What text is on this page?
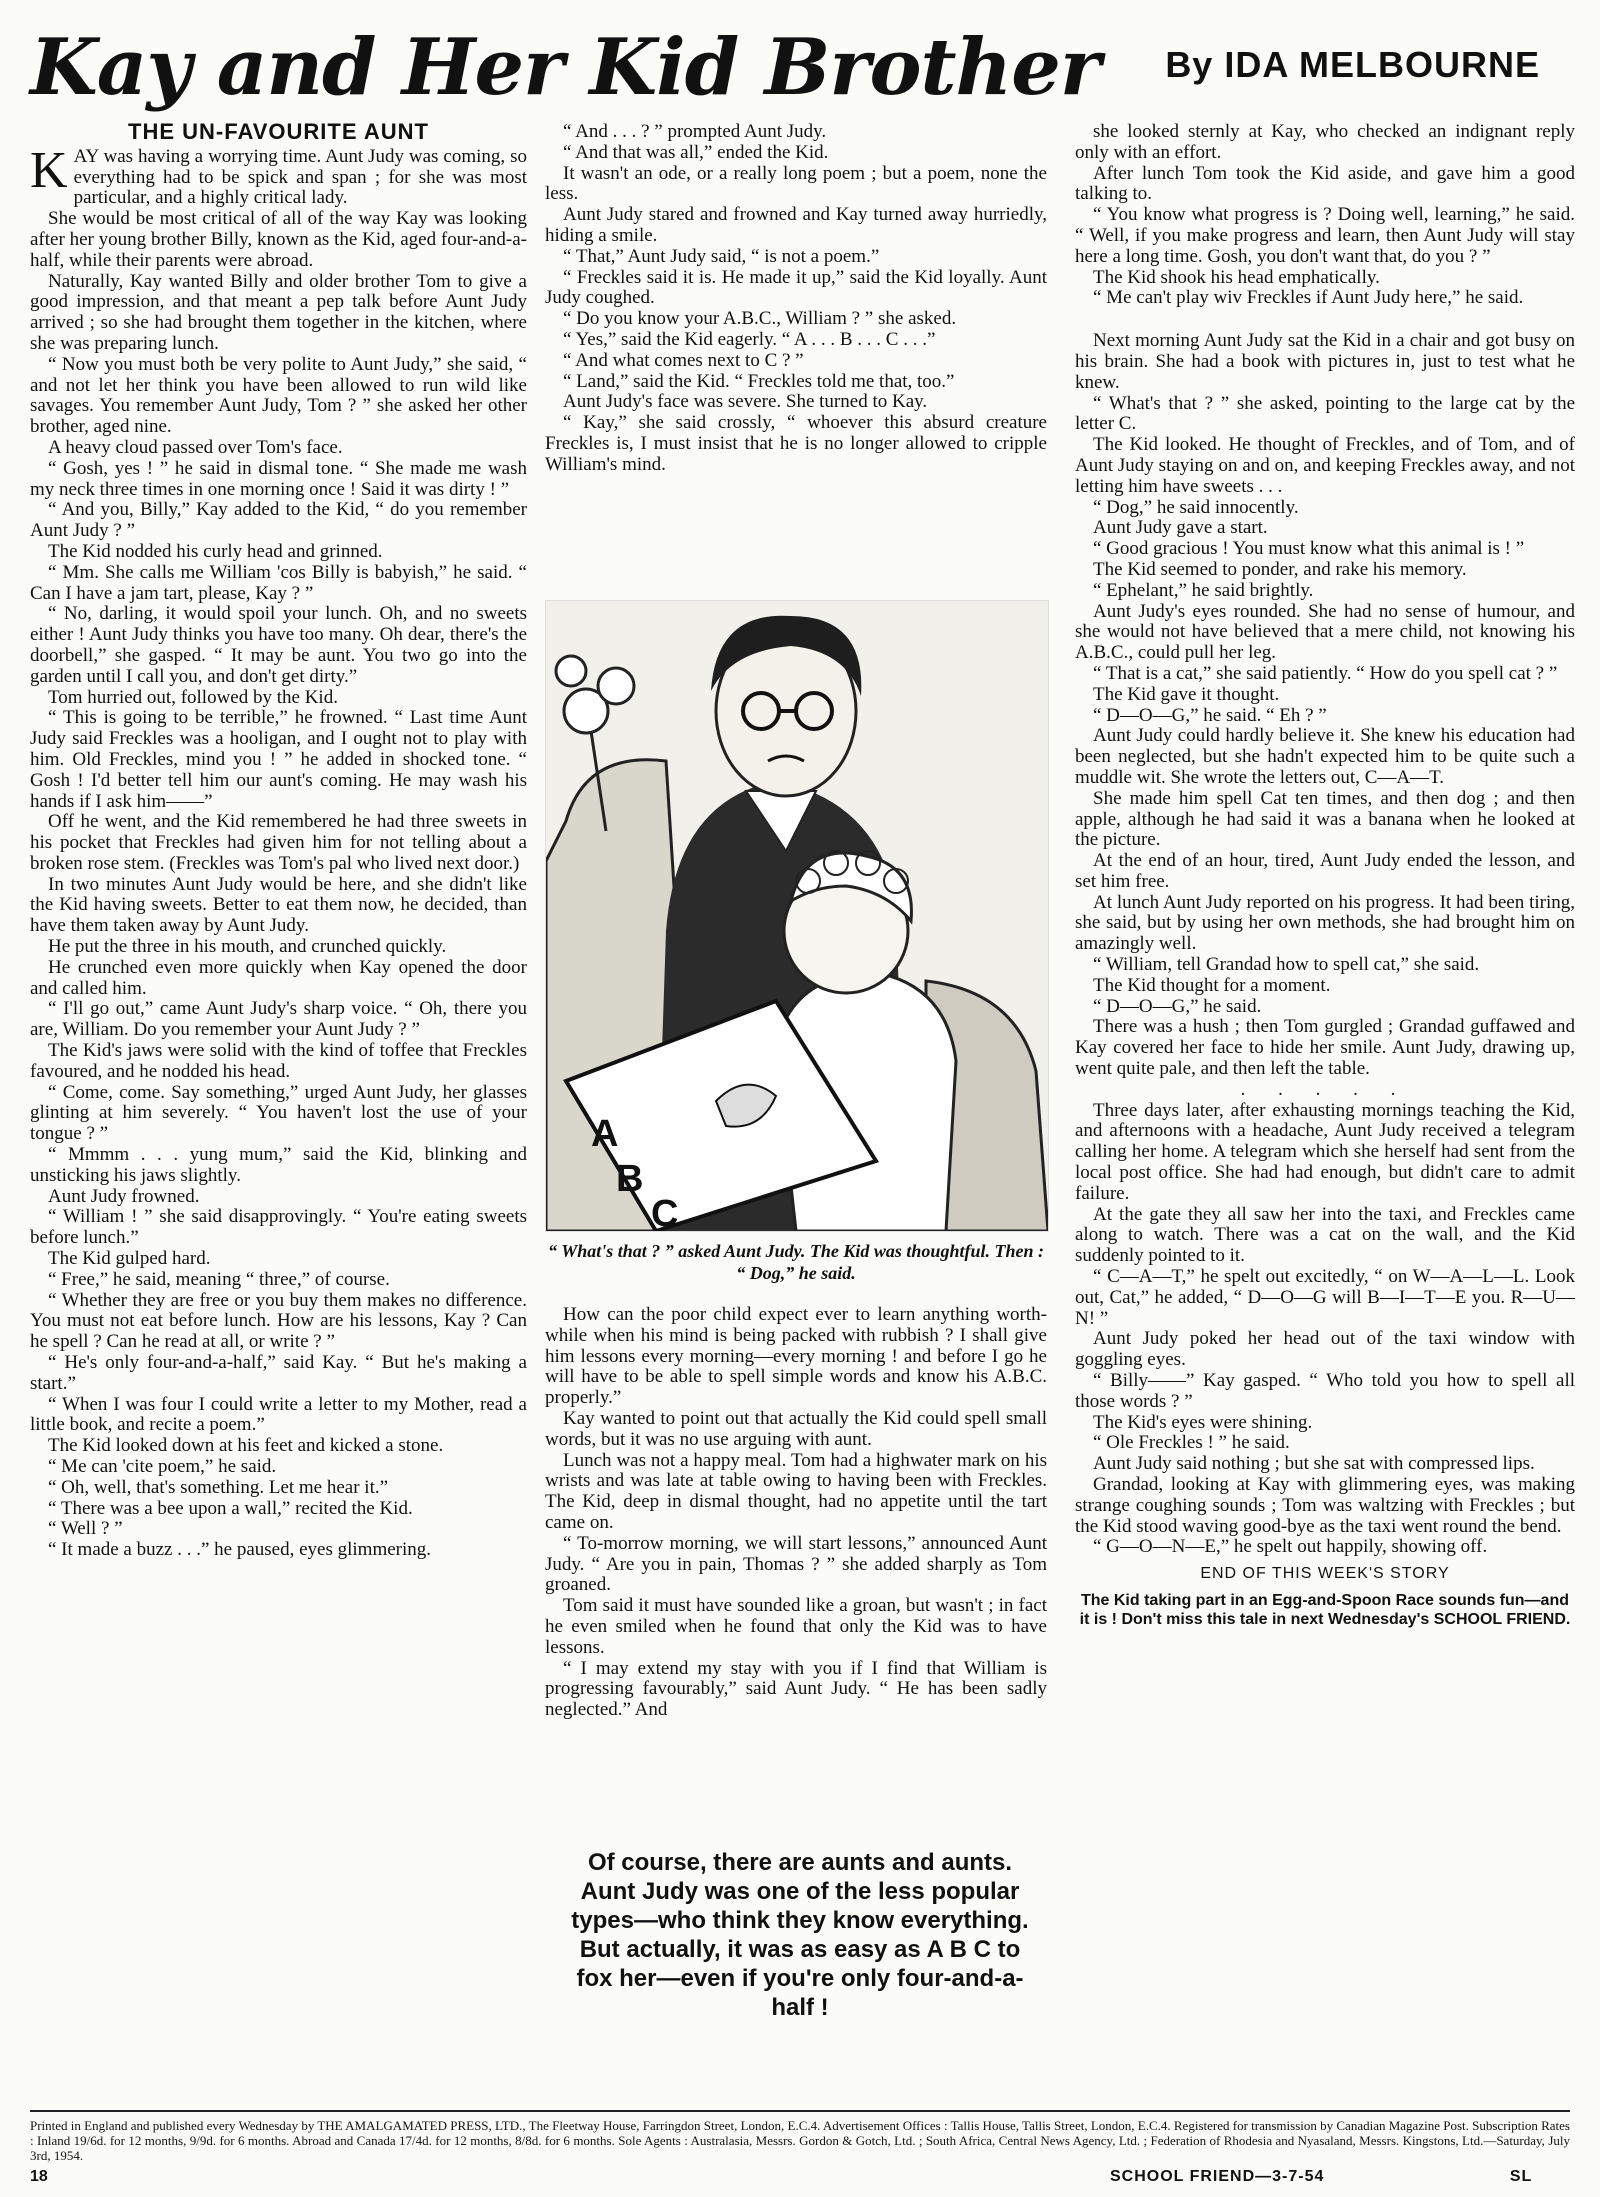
Kay and Her Kid Brother By IDA MELBOURNE
THE UN-FAVOURITE AUNT
K AY was having a worrying time. Aunt Judy was coming, so everything had to be spick and span ; for she was most particular, and a highly critical lady.

She would be most critical of all of the way Kay was looking after her young brother Billy, known as the Kid, aged four-and-a-half, while their parents were abroad.

Naturally, Kay wanted Billy and older brother Tom to give a good impression, and that meant a pep talk before Aunt Judy arrived ; so she had brought them together in the kitchen, where she was preparing lunch.

“ Now you must both be very polite to Aunt Judy,” she said, “ and not let her think you have been allowed to run wild like savages. You remember Aunt Judy, Tom ? ” she asked her other brother, aged nine.

A heavy cloud passed over Tom's face.

“ Gosh, yes ! ” he said in dismal tone. “ She made me wash my neck three times in one morning once ! Said it was dirty ! ”

“ And you, Billy,” Kay added to the Kid, “ do you remember Aunt Judy ? ”

The Kid nodded his curly head and grinned.

“ Mm. She calls me William 'cos Billy is babyish,” he said. “ Can I have a jam tart, please, Kay ? ”

“ No, darling, it would spoil your lunch. Oh, and no sweets either ! Aunt Judy thinks you have too many. Oh dear, there's the doorbell,” she gasped. “ It may be aunt. You two go into the garden until I call you, and don't get dirty.”

Tom hurried out, followed by the Kid.

“ This is going to be terrible,” he frowned. “ Last time Aunt Judy said Freckles was a hooligan, and I ought not to play with him. Old Freckles, mind you ! ” he added in shocked tone. “ Gosh ! I'd better tell him our aunt's coming. He may wash his hands if I ask him——”

Off he went, and the Kid remembered he had three sweets in his pocket that Freckles had given him for not telling about a broken rose stem. (Freckles was Tom's pal who lived next door.)

In two minutes Aunt Judy would be here, and she didn't like the Kid having sweets. Better to eat them now, he decided, than have them taken away by Aunt Judy.

He put the three in his mouth, and crunched quickly.

He crunched even more quickly when Kay opened the door and called him.

“ I'll go out,” came Aunt Judy's sharp voice. “ Oh, there you are, William. Do you remember your Aunt Judy ? ”

The Kid's jaws were solid with the kind of toffee that Freckles favoured, and he nodded his head.

“ Come, come. Say something,” urged Aunt Judy, her glasses glinting at him severely. “ You haven't lost the use of your tongue ? ”

“ Mmmm . . . yung mum,” said the Kid, blinking and unsticking his jaws slightly.

Aunt Judy frowned.

“ William ! ” she said disapprovingly. “ You're eating sweets before lunch.”

The Kid gulped hard.

“ Free,” he said, meaning “ three,” of course.

“ Whether they are free or you buy them makes no difference. You must not eat before lunch. How are his lessons, Kay ? Can he spell ? Can he read at all, or write ? ”

“ He's only four-and-a-half,” said Kay. “ But he's making a start.”

“ When I was four I could write a letter to my Mother, read a little book, and recite a poem.”

The Kid looked down at his feet and kicked a stone.

“ Me can 'cite poem,” he said.

“ Oh, well, that's something. Let me hear it.”

“ There was a bee upon a wall,” recited the Kid.

“ Well ? ”

“ It made a buzz . . .” he paused, eyes glimmering.

“ And . . . ? ” prompted Aunt Judy.

“ And that was all,” ended the Kid.

It wasn't an ode, or a really long poem ; but a poem, none the less.

Aunt Judy stared and frowned and Kay turned away hurriedly, hiding a smile.

“ That,” Aunt Judy said, “ is not a poem.”

“ Freckles said it is. He made it up,” said the Kid loyally. Aunt Judy coughed.

“ Do you know your A.B.C., William ? ” she asked.

“ Yes,” said the Kid eagerly. “ A . . . B . . . C . . .”

“ And what comes next to C ? ”

“ Land,” said the Kid. “ Freckles told me that, too.”

Aunt Judy's face was severe. She turned to Kay.

“ Kay,” she said crossly, “ whoever this absurd creature Freckles is, I must insist that he is no longer allowed to cripple William's mind.

A
B
C
“ What's that ? ” asked Aunt Judy. The Kid was thoughtful. Then : “ Dog,” he said.

How can the poor child expect ever to learn anything worth-while when his mind is being packed with rubbish ? I shall give him lessons every morning—every morning ! and before I go he will have to be able to spell simple words and know his A.B.C. properly.”

Kay wanted to point out that actually the Kid could spell small words, but it was no use arguing with aunt.

Lunch was not a happy meal. Tom had a highwater mark on his wrists and was late at table owing to having been with Freckles. The Kid, deep in dismal thought, had no appetite until the tart came on.

“ To-morrow morning, we will start lessons,” announced Aunt Judy. “ Are you in pain, Thomas ? ” she added sharply as Tom groaned.

Tom said it must have sounded like a groan, but wasn't ; in fact he even smiled when he found that only the Kid was to have lessons.

“ I may extend my stay with you if I find that William is progressing favourably,” said Aunt Judy. “ He has been sadly neglected.” And

Of course, there are aunts and aunts. Aunt Judy was one of the less popular types—who think they know everything. But actually, it was as easy as A B C to fox her—even if you're only four-and-a-half !

she looked sternly at Kay, who checked an indignant reply only with an effort.

After lunch Tom took the Kid aside, and gave him a good talking to.

“ You know what progress is ? Doing well, learning,” he said. “ Well, if you make progress and learn, then Aunt Judy will stay here a long time. Gosh, you don't want that, do you ? ”

The Kid shook his head emphatically.

“ Me can't play wiv Freckles if Aunt Judy here,” he said.

Next morning Aunt Judy sat the Kid in a chair and got busy on his brain. She had a book with pictures in, just to test what he knew.

“ What's that ? ” she asked, pointing to the large cat by the letter C.

The Kid looked. He thought of Freckles, and of Tom, and of Aunt Judy staying on and on, and keeping Freckles away, and not letting him have sweets . . .

“ Dog,” he said innocently.

Aunt Judy gave a start.

“ Good gracious ! You must know what this animal is ! ”

The Kid seemed to ponder, and rake his memory.

“ Ephelant,” he said brightly.

Aunt Judy's eyes rounded. She had no sense of humour, and she would not have believed that a mere child, not knowing his A.B.C., could pull her leg.

“ That is a cat,” she said patiently. “ How do you spell cat ? ”

The Kid gave it thought.

“ D—O—G,” he said. “ Eh ? ”

Aunt Judy could hardly believe it. She knew his education had been neglected, but she hadn't expected him to be quite such a muddle wit. She wrote the letters out, C—A—T.

She made him spell Cat ten times, and then dog ; and then apple, although he had said it was a banana when he looked at the picture.

At the end of an hour, tired, Aunt Judy ended the lesson, and set him free.

At lunch Aunt Judy reported on his progress. It had been tiring, she said, but by using her own methods, she had brought him on amazingly well.

“ William, tell Grandad how to spell cat,” she said.

The Kid thought for a moment.

“ D—O—G,” he said.

There was a hush ; then Tom gurgled ; Grandad guffawed and Kay covered her face to hide her smile. Aunt Judy, drawing up, went quite pale, and then left the table.

. . . . .

Three days later, after exhausting mornings teaching the Kid, and afternoons with a headache, Aunt Judy received a telegram calling her home. A telegram which she herself had sent from the local post office. She had had enough, but didn't care to admit failure.

At the gate they all saw her into the taxi, and Freckles came along to watch. There was a cat on the wall, and the Kid suddenly pointed to it.

“ C—A—T,” he spelt out excitedly, “ on W—A—L—L. Look out, Cat,” he added, “ D—O—G will B—I—T—E you. R—U—N! ”

Aunt Judy poked her head out of the taxi window with goggling eyes.

“ Billy——” Kay gasped. “ Who told you how to spell all those words ? ”

The Kid's eyes were shining.

“ Ole Freckles ! ” he said.

Aunt Judy said nothing ; but she sat with compressed lips.

Grandad, looking at Kay with glimmering eyes, was making strange coughing sounds ; Tom was waltzing with Freckles ; but the Kid stood waving good-bye as the taxi went round the bend.

“ G—O—N—E,” he spelt out happily, showing off.

END OF THIS WEEK'S STORY
The Kid taking part in an Egg-and-Spoon Race sounds fun—and it is ! Don't miss this tale in next Wednesday's SCHOOL FRIEND.
Printed in England and published every Wednesday by THE AMALGAMATED PRESS, LTD., The Fleetway House, Farringdon Street, London, E.C.4. Advertisement Offices : Tallis House, Tallis Street, London, E.C.4. Registered for transmission by Canadian Magazine Post. Subscription Rates : Inland 19/6d. for 12 months, 9/9d. for 6 months. Abroad and Canada 17/4d. for 12 months, 8/8d. for 6 months. Sole Agents : Australasia, Messrs. Gordon & Gotch, Ltd. ; South Africa, Central News Agency, Ltd. ; Federation of Rhodesia and Nyasaland, Messrs. Kingstons, Ltd.—Saturday, July 3rd, 1954.
18	SCHOOL FRIEND—3-7-54	SL
